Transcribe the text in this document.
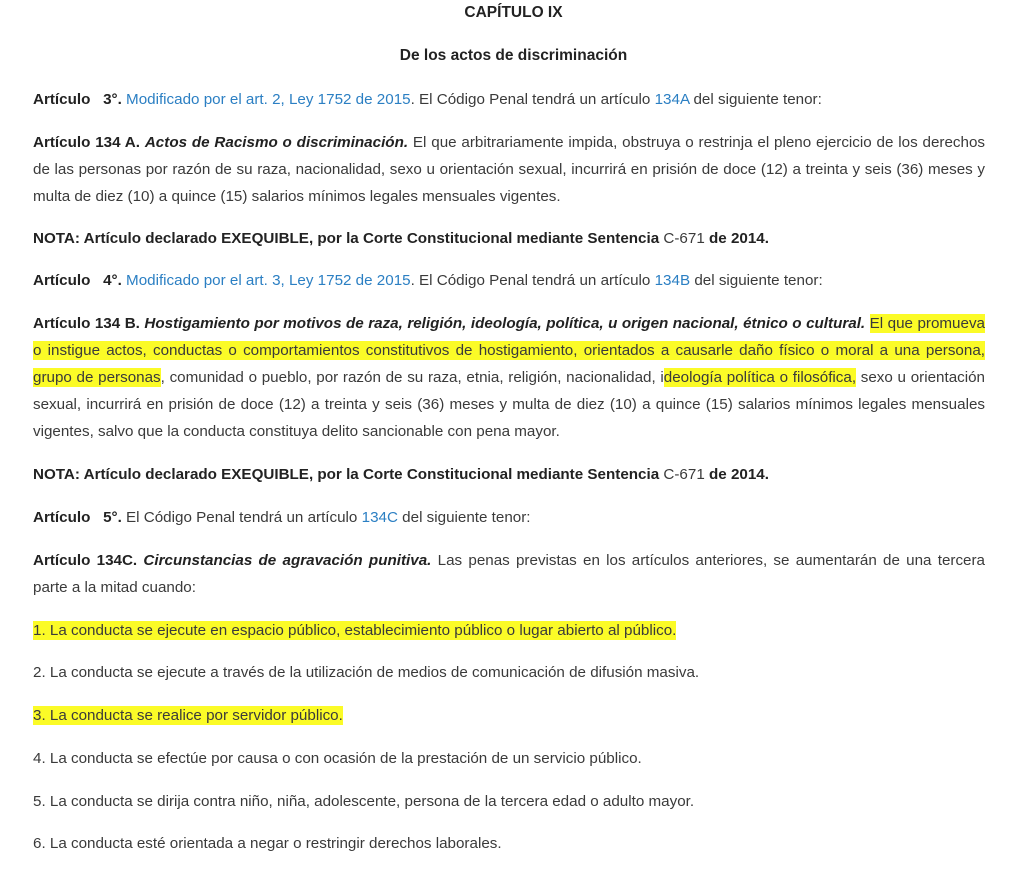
CAPÍTULO IX
De los actos de discriminación
Artículo 3°. Modificado por el art. 2, Ley 1752 de 2015. El Código Penal tendrá un artículo 134A del siguiente tenor:
Artículo 134 A. Actos de Racismo o discriminación. El que arbitrariamente impida, obstruya o restrinja el pleno ejercicio de los derechos de las personas por razón de su raza, nacionalidad, sexo u orientación sexual, incurrirá en prisión de doce (12) a treinta y seis (36) meses y multa de diez (10) a quince (15) salarios mínimos legales mensuales vigentes.
NOTA: Artículo declarado EXEQUIBLE, por la Corte Constitucional mediante Sentencia C-671 de 2014.
Artículo 4°. Modificado por el art. 3, Ley 1752 de 2015. El Código Penal tendrá un artículo 134B del siguiente tenor:
Artículo 134 B. Hostigamiento por motivos de raza, religión, ideología, política, u origen nacional, étnico o cultural. El que promueva o instigue actos, conductas o comportamientos constitutivos de hostigamiento, orientados a causarle daño físico o moral a una persona, grupo de personas, comunidad o pueblo, por razón de su raza, etnia, religión, nacionalidad, ideología política o filosófica, sexo u orientación sexual, incurrirá en prisión de doce (12) a treinta y seis (36) meses y multa de diez (10) a quince (15) salarios mínimos legales mensuales vigentes, salvo que la conducta constituya delito sancionable con pena mayor.
NOTA: Artículo declarado EXEQUIBLE, por la Corte Constitucional mediante Sentencia C-671 de 2014.
Artículo 5°. El Código Penal tendrá un artículo 134C del siguiente tenor:
Artículo 134C. Circunstancias de agravación punitiva. Las penas previstas en los artículos anteriores, se aumentarán de una tercera parte a la mitad cuando:
1. La conducta se ejecute en espacio público, establecimiento público o lugar abierto al público.
2. La conducta se ejecute a través de la utilización de medios de comunicación de difusión masiva.
3. La conducta se realice por servidor público.
4. La conducta se efectúe por causa o con ocasión de la prestación de un servicio público.
5. La conducta se dirija contra niño, niña, adolescente, persona de la tercera edad o adulto mayor.
6. La conducta esté orientada a negar o restringir derechos laborales.
